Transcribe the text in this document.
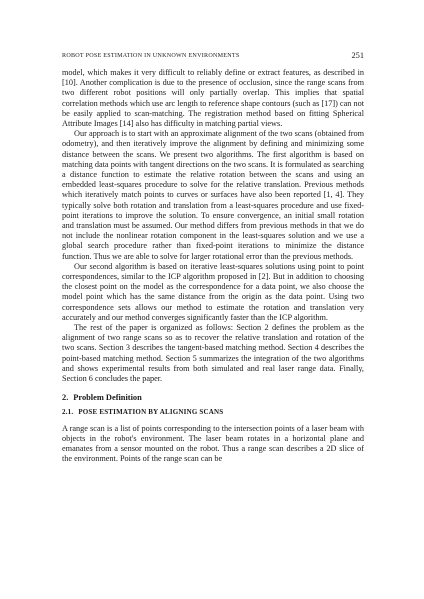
ROBOT POSE ESTIMATION IN UNKNOWN ENVIRONMENTS	251

model, which makes it very difficult to reliably define or extract features, as described in [10]. Another complication is due to the presence of occlusion, since the range scans from two different robot positions will only partially overlap. This implies that spatial correlation methods which use arc length to reference shape contours (such as [17]) can not be easily applied to scan-matching. The registration method based on fitting Spherical Attribute Images [14] also has difficulty in matching partial views.

Our approach is to start with an approximate alignment of the two scans (obtained from odometry), and then iteratively improve the alignment by defining and minimizing some distance between the scans. We present two algorithms. The first algorithm is based on matching data points with tangent directions on the two scans. It is formulated as searching a distance function to estimate the relative rotation between the scans and using an embedded least-squares procedure to solve for the relative translation. Previous methods which iteratively match points to curves or surfaces have also been reported [1, 4]. They typically solve both rotation and translation from a least-squares procedure and use fixed-point iterations to improve the solution. To ensure convergence, an initial small rotation and translation must be assumed. Our method differs from previous methods in that we do not include the nonlinear rotation component in the least-squares solution and we use a global search procedure rather than fixed-point iterations to minimize the distance function. Thus we are able to solve for larger rotational error than the previous methods.

Our second algorithm is based on iterative least-squares solutions using point to point correspondences, similar to the ICP algorithm proposed in [2]. But in addition to choosing the closest point on the model as the correspondence for a data point, we also choose the model point which has the same distance from the origin as the data point. Using two correspondence sets allows our method to estimate the rotation and translation very accurately and our method converges significantly faster than the ICP algorithm.

The rest of the paper is organized as follows: Section 2 defines the problem as the alignment of two range scans so as to recover the relative translation and rotation of the two scans. Section 3 describes the tangent-based matching method. Section 4 describes the point-based matching method. Section 5 summarizes the integration of the two algorithms and shows experimental results from both simulated and real laser range data. Finally, Section 6 concludes the paper.

2. Problem Definition
2.1. POSE ESTIMATION BY ALIGNING SCANS

A range scan is a list of points corresponding to the intersection points of a laser beam with objects in the robot's environment. The laser beam rotates in a horizontal plane and emanates from a sensor mounted on the robot. Thus a range scan describes a 2D slice of the environment. Points of the range scan can be
